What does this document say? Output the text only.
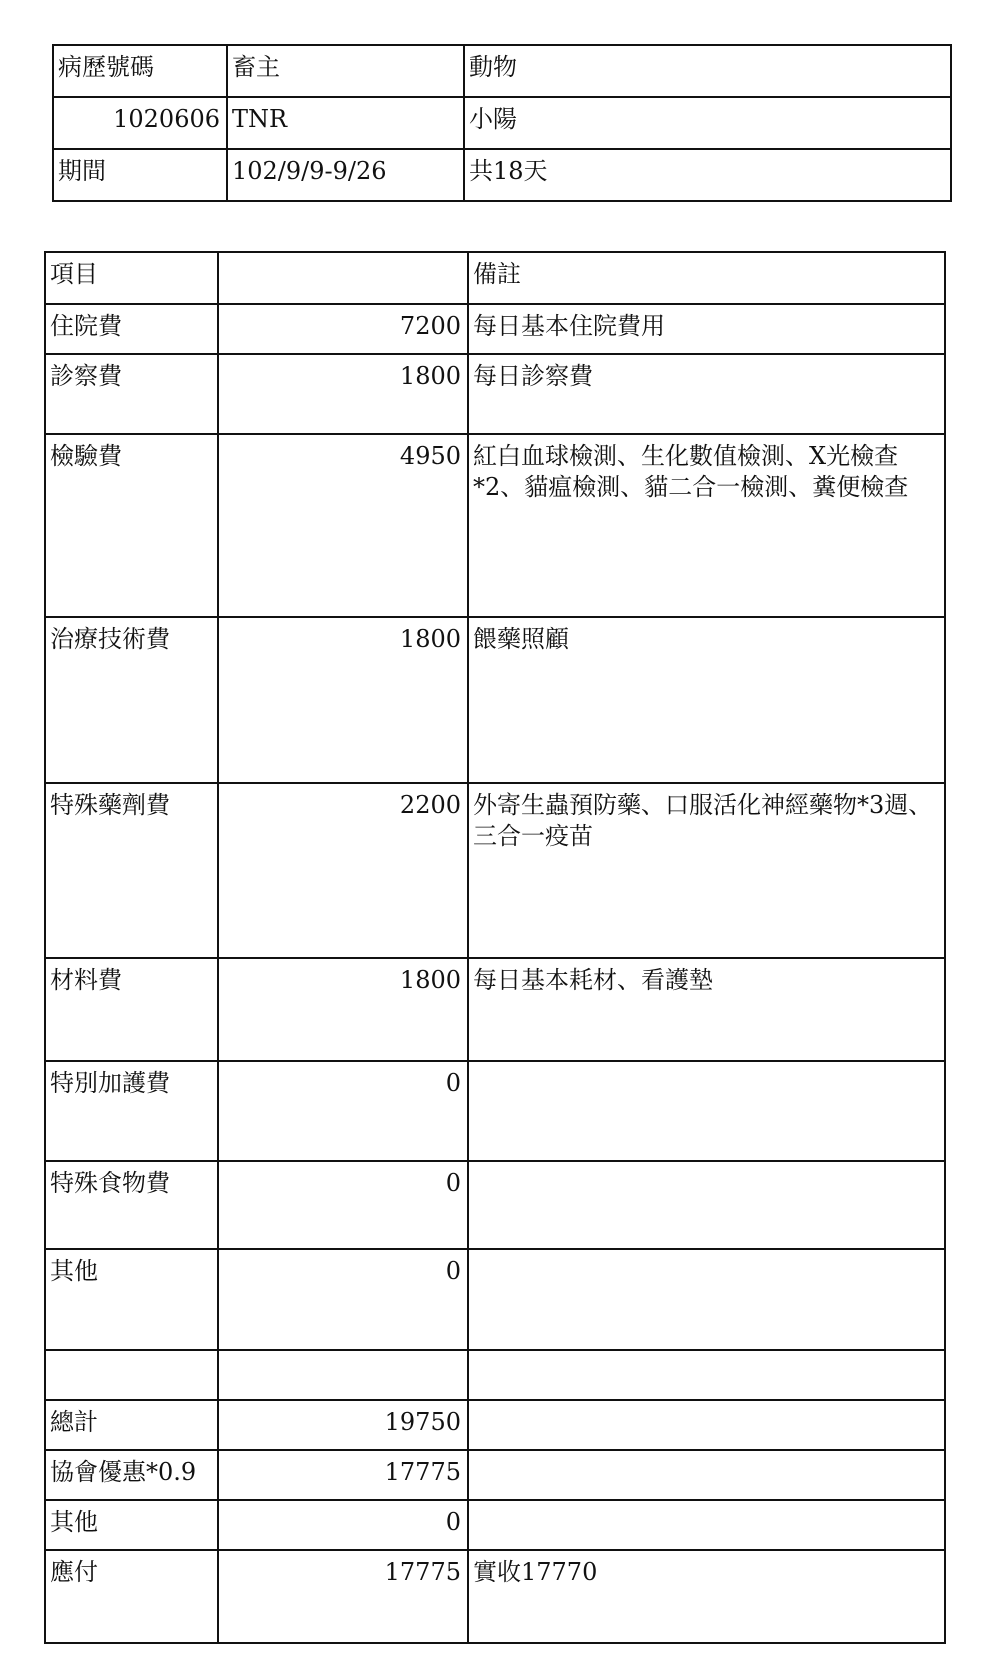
病歷號碼	畜主	動物
1020606	TNR	小陽
期間	102/9/9-9/26	共18天
項目		備註
住院費	7200	每日基本住院費用
診察費	1800	每日診察費
檢驗費	4950	紅白血球檢測、生化數值檢測、X光檢查*2、貓瘟檢測、貓二合一檢測、糞便檢查
治療技術費	1800	餵藥照顧
特殊藥劑費	2200	外寄生蟲預防藥、口服活化神經藥物*3週、三合一疫苗
材料費	1800	每日基本耗材、看護墊
特別加護費	0	
特殊食物費	0	
其他	0	

總計	19750	
協會優惠*0.9	17775	
其他	0	
應付	17775	實收17770
